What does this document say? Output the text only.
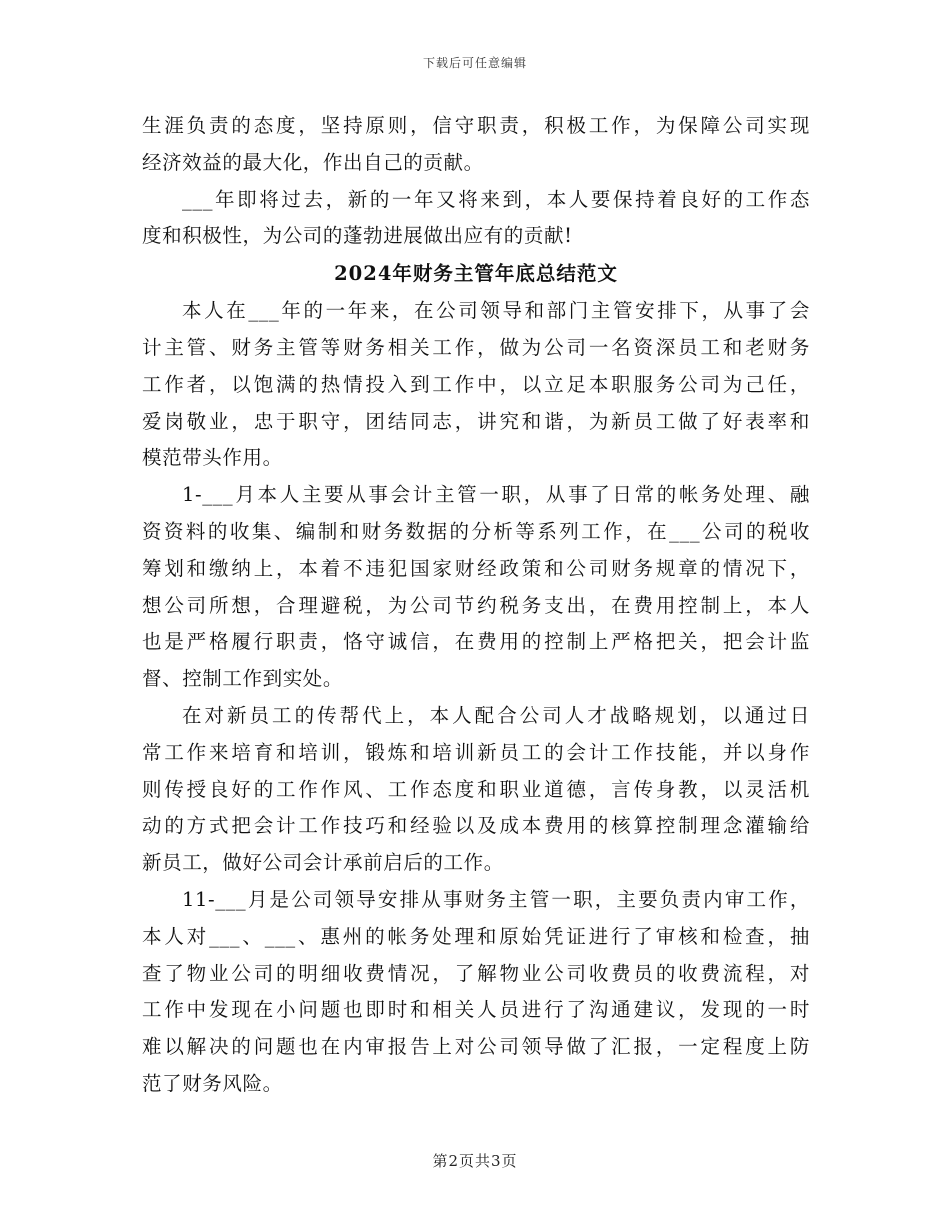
下载后可任意编辑
生涯负责的态度，坚持原则，信守职责，积极工作，为保障公司实现
经济效益的最大化，作出自己的贡献。
___年即将过去，新的一年又将来到，本人要保持着良好的工作态
度和积极性，为公司的蓬勃进展做出应有的贡献!
2024年财务主管年底总结范文
本人在___年的一年来，在公司领导和部门主管安排下，从事了会
计主管、财务主管等财务相关工作，做为公司一名资深员工和老财务
工作者，以饱满的热情投入到工作中，以立足本职服务公司为己任，
爱岗敬业，忠于职守，团结同志，讲究和谐，为新员工做了好表率和
模范带头作用。
1-___月本人主要从事会计主管一职，从事了日常的帐务处理、融
资资料的收集、编制和财务数据的分析等系列工作，在___公司的税收
筹划和缴纳上，本着不违犯国家财经政策和公司财务规章的情况下，
想公司所想，合理避税，为公司节约税务支出，在费用控制上，本人
也是严格履行职责，恪守诚信，在费用的控制上严格把关，把会计监
督、控制工作到实处。
在对新员工的传帮代上，本人配合公司人才战略规划，以通过日
常工作来培育和培训，锻炼和培训新员工的会计工作技能，并以身作
则传授良好的工作作风、工作态度和职业道德，言传身教，以灵活机
动的方式把会计工作技巧和经验以及成本费用的核算控制理念灌输给
新员工，做好公司会计承前启后的工作。
11-___月是公司领导安排从事财务主管一职，主要负责内审工作，
本人对___、___、惠州的帐务处理和原始凭证进行了审核和检查，抽
查了物业公司的明细收费情况，了解物业公司收费员的收费流程，对
工作中发现在小问题也即时和相关人员进行了沟通建议，发现的一时
难以解决的问题也在内审报告上对公司领导做了汇报，一定程度上防
范了财务风险。
第2页共3页
